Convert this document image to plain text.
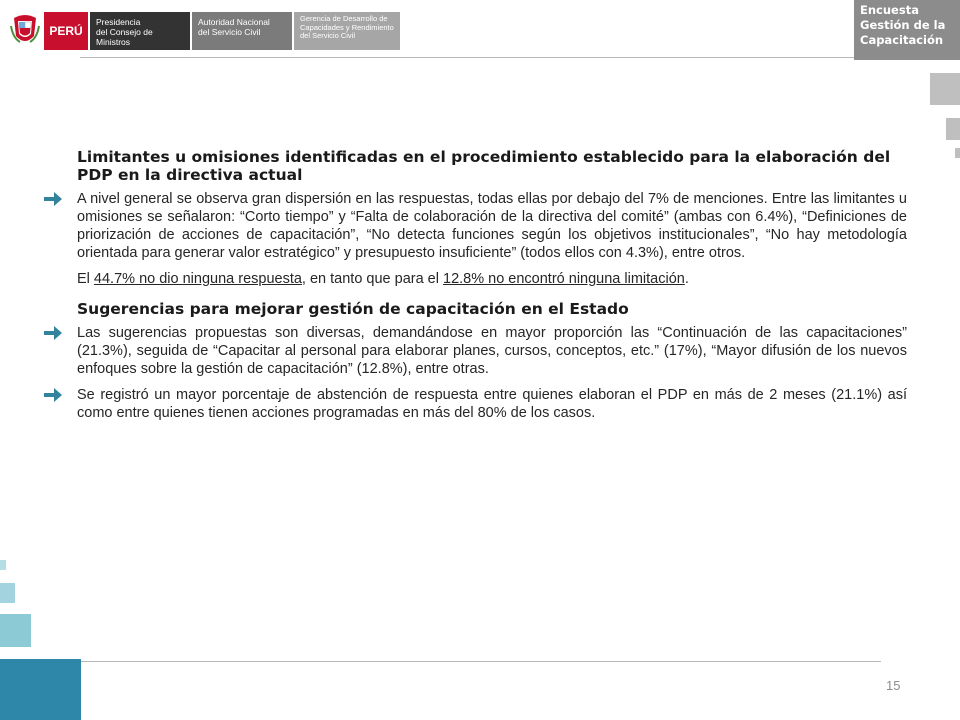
PERÚ
Presidencia
del Consejo de Ministros
Autoridad Nacional
del Servicio Civil
Gerencia de Desarrollo de
Capacidades y Rendimiento
del Servicio Civil
Encuesta
Gestión de la
Capacitación

Limitantes u omisiones identificadas en el procedimiento establecido para la elaboración del PDP en la directiva actual

A nivel general se observa gran dispersión en las respuestas, todas ellas por debajo del 7% de menciones. Entre las limitantes u omisiones se señalaron: “Corto tiempo” y “Falta de colaboración de la directiva del comité” (ambas con 6.4%), “Definiciones de priorización de acciones de capacitación”, “No detecta funciones según los objetivos institucionales”, “No hay metodología orientada para generar valor estratégico” y presupuesto insuficiente” (todos ellos con 4.3%), entre otros.

El 44.7% no dio ninguna respuesta, en tanto que para el 12.8% no encontró ninguna limitación.

Sugerencias para mejorar gestión de capacitación en el Estado

Las sugerencias propuestas son diversas, demandándose en mayor proporción las “Continuación de las capacitaciones” (21.3%), seguida de “Capacitar al personal para elaborar planes, cursos, conceptos, etc.” (17%), “Mayor difusión de los nuevos enfoques sobre la gestión de capacitación” (12.8%), entre otras.

Se registró un mayor porcentaje de abstención de respuesta entre quienes elaboran el PDP en más de 2 meses (21.1%) así como entre quienes tienen acciones programadas en más del 80% de los casos.

15
